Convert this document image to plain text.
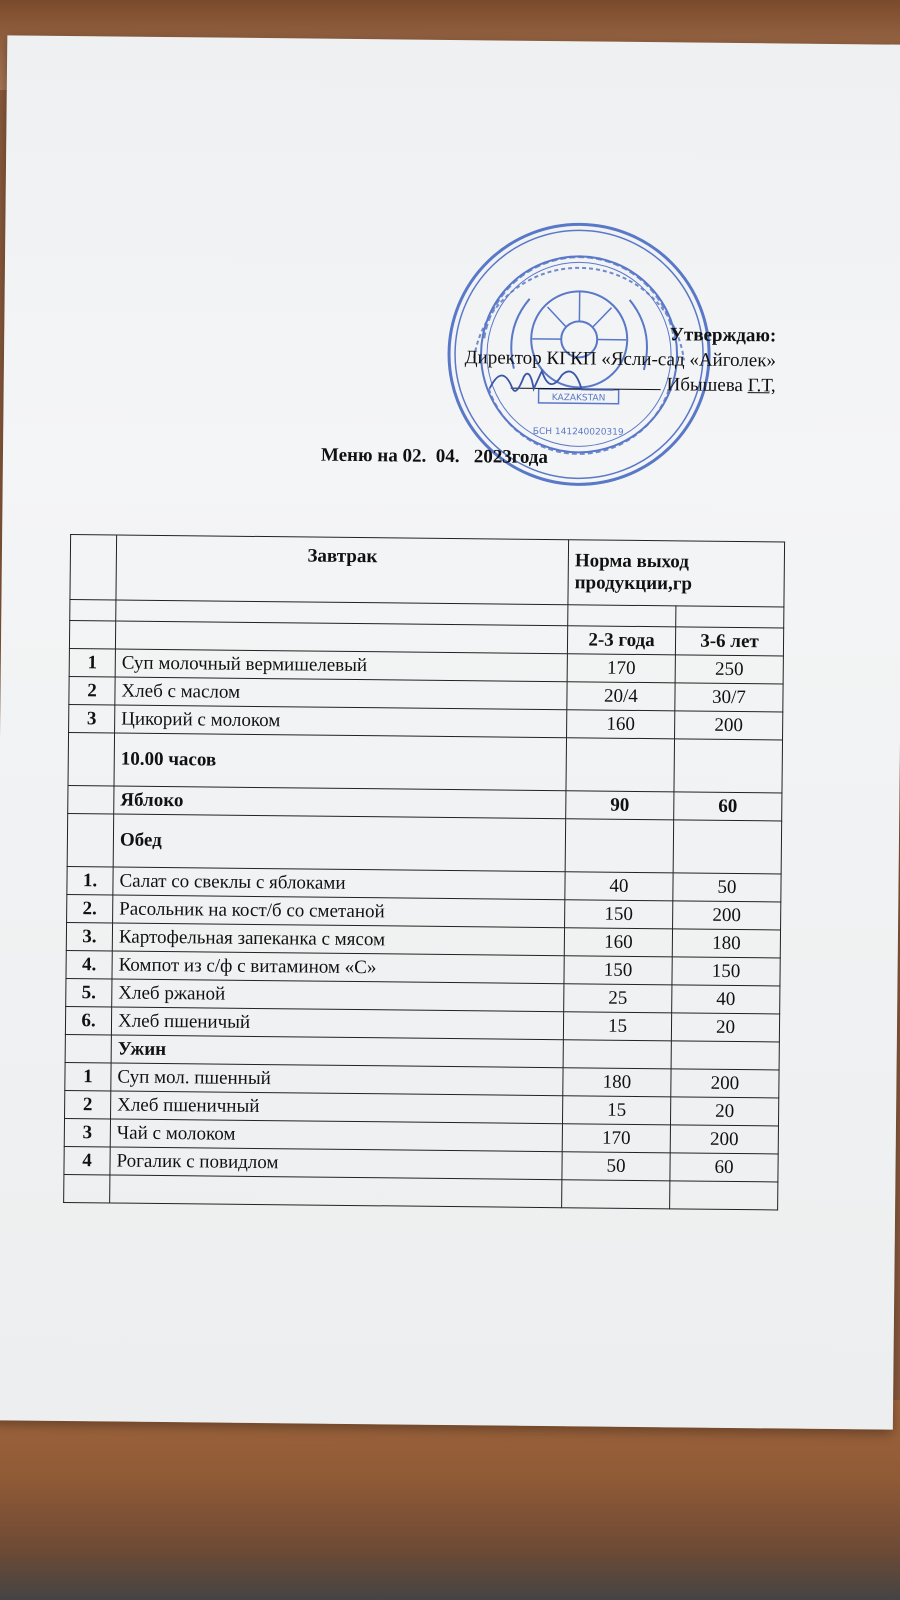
KAZAKSTAN
БСН 141240020319
Утверждаю:
Директор КГКП «Ясли-сад «Айголек»
Ибышева Г.Т,
Меню на 02.  04.   2023года
	Завтрак	Норма выход продукции,гр	

		2-3 года	3-6 лет
1	Суп молочный вермишелевый	170	250
2	Хлеб с маслом	20/4	30/7
3	Цикорий с молоком	160	200
	10.00 часов		
	Яблоко	90	60
	Обед		
1.	Салат со свеклы с яблоками	40	50
2.	Расольник на кост/б со сметаной	150	200
3.	Картофельная запеканка с мясом	160	180
4.	Компот из с/ф с витамином «С»	150	150
5.	Хлеб ржаной	25	40
6.	Хлеб пшеничый	15	20
	Ужин		
1	Суп мол. пшенный	180	200
2	Хлеб пшеничный	15	20
3	Чай с молоком	170	200
4	Рогалик с повидлом	50	60
